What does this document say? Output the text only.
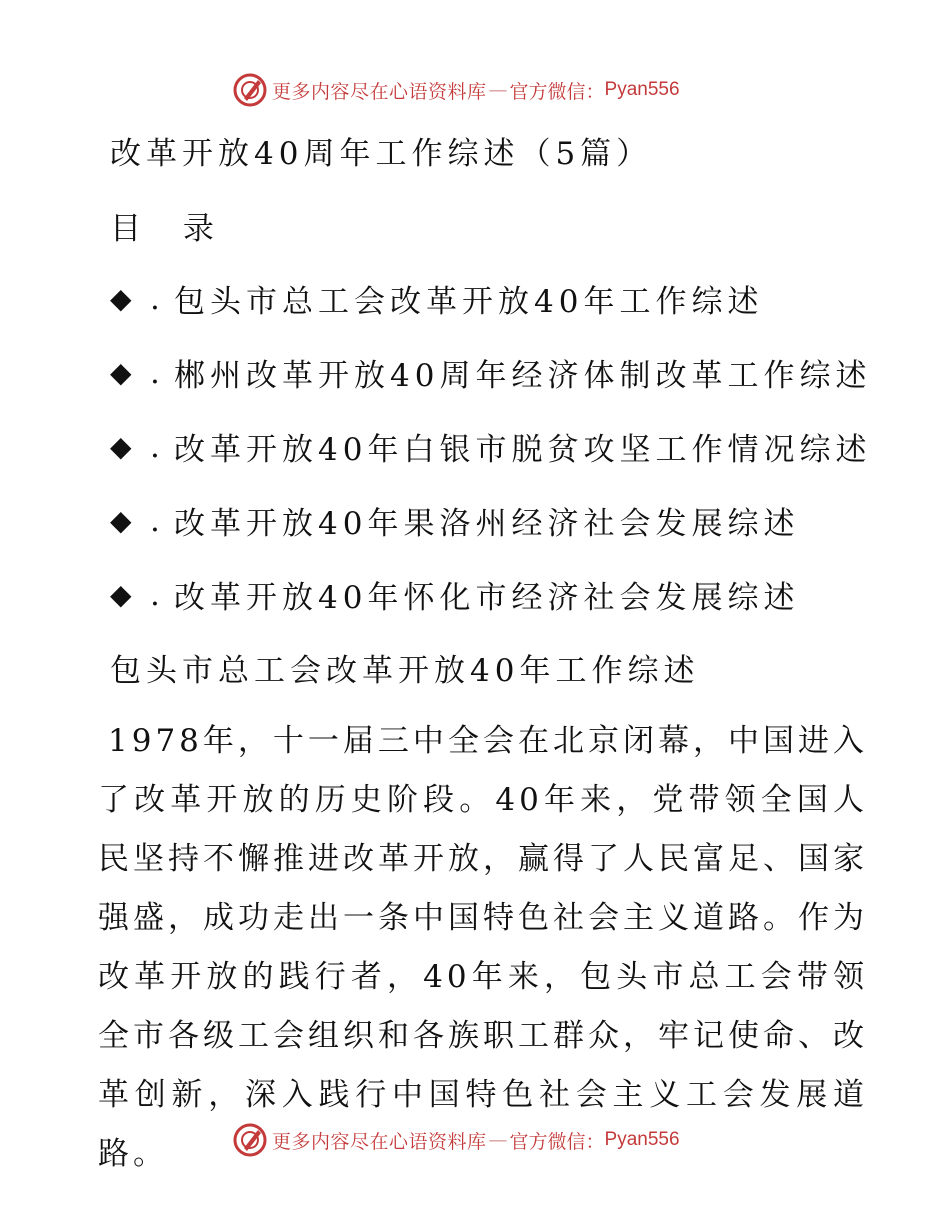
更多内容尽在心语资料库 — 官方微信： Pyan556
改革开放40周年工作综述（5篇）
目 录
◆ . 包头市总工会改革开放40年工作综述
◆ . 郴州改革开放40周年经济体制改革工作综述
◆ . 改革开放40年白银市脱贫攻坚工作情况综述
◆ . 改革开放40年果洛州经济社会发展综述
◆ . 改革开放40年怀化市经济社会发展综述
包头市总工会改革开放40年工作综述

1978年，十一届三中全会在北京闭幕，中国进入了改革开放的历史阶段。40年来，党带领全国人民坚持不懈推进改革开放，赢得了人民富足、国家强盛，成功走出一条中国特色社会主义道路。作为改革开放的践行者，40年来，包头市总工会带领全市各级工会组织和各族职工群众，牢记使命、改革创新，深入践行中国特色社会主义工会发展道路。	更多内容尽在心语资料库 — 官方微信： Pyan556
